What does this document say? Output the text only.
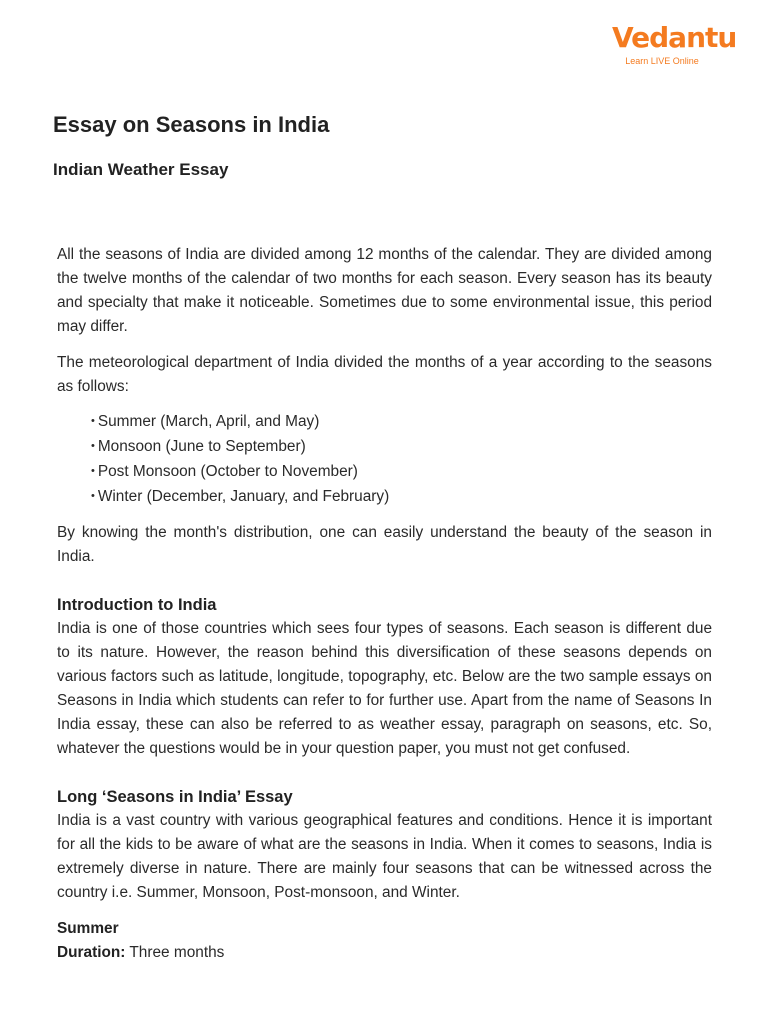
Vedantu
Learn LIVE Online
Essay on Seasons in India
Indian Weather Essay

All the seasons of India are divided among 12 months of the calendar. They are divided among the twelve months of the calendar of two months for each season. Every season has its beauty and specialty that make it noticeable. Sometimes due to some environmental issue, this period may differ.

The meteorological department of India divided the months of a year according to the seasons as follows:

• Summer (March, April, and May)
• Monsoon (June to September)
• Post Monsoon (October to November)
• Winter (December, January, and February)

By knowing the month's distribution, one can easily understand the beauty of the season in India.

Introduction to India

India is one of those countries which sees four types of seasons. Each season is different due to its nature. However, the reason behind this diversification of these seasons depends on various factors such as latitude, longitude, topography, etc. Below are the two sample essays on Seasons in India which students can refer to for further use. Apart from the name of Seasons In India essay, these can also be referred to as weather essay, paragraph on seasons, etc. So, whatever the questions would be in your question paper, you must not get confused.

Long ‘Seasons in India’ Essay

India is a vast country with various geographical features and conditions. Hence it is important for all the kids to be aware of what are the seasons in India. When it comes to seasons, India is extremely diverse in nature. There are mainly four seasons that can be witnessed across the country i.e. Summer, Monsoon, Post-monsoon, and Winter.

Summer

Duration: Three months
